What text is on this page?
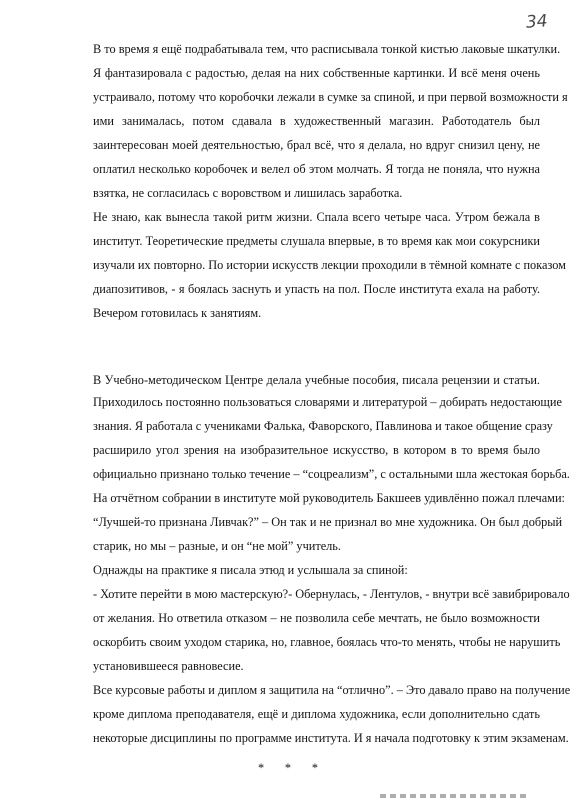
34
В то время я ещё подрабатывала тем, что расписывала тонкой кистью лаковые шкатулки.
Я фантазировала с радостью, делая на них собственные картинки. И всё меня очень
устраивало, потому что коробочки лежали в сумке за спиной, и при первой возможности я
ими занималась, потом сдавала в художественный магазин. Работодатель был
заинтересован моей деятельностью, брал всё, что я делала, но вдруг снизил цену, не
оплатил несколько коробочек и велел об этом молчать. Я тогда не поняла, что нужна
взятка, не согласилась с воровством и лишилась заработка.
Не знаю, как вынесла такой ритм жизни. Спала всего четыре часа. Утром бежала в
институт. Теоретические предметы слушала впервые, в то время как мои сокурсники
изучали их повторно. По истории искусств лекции проходили в тёмной комнате с показом
диапозитивов, - я боялась заснуть и упасть на пол. После института ехала на работу.
Вечером готовилась к занятиям.
В Учебно-методическом Центре делала учебные пособия, писала рецензии и статьи.
Приходилось постоянно пользоваться словарями и литературой – добирать недостающие
знания. Я работала с учениками Фалька, Фаворского, Павлинова и такое общение сразу
расширило угол зрения на изобразительное искусство, в котором в то время было
официально признано только течение – “соцреализм”, с остальными шла жестокая борьба.
На отчётном собрании в институте мой руководитель Бакшеев удивлённо пожал плечами:
“Лучшей-то признана Ливчак?” – Он так и не признал во мне художника. Он был добрый
старик, но мы – разные, и он “не мой” учитель.
Однажды на практике я писала этюд и услышала за спиной:
- Хотите перейти в мою мастерскую?- Обернулась, - Лентулов, - внутри всё завибрировало
от желания. Но ответила отказом – не позволила себе мечтать, не было возможности
оскорбить своим уходом старика, но, главное, боялась что-то менять, чтобы не нарушить
установившееся равновесие.
* * *
Все курсовые работы и диплом я защитила на “отлично”. – Это давало право на получение
кроме диплома преподавателя, ещё и диплома художника, если дополнительно сдать
некоторые дисциплины по программе института. И я начала подготовку к этим экзаменам.
